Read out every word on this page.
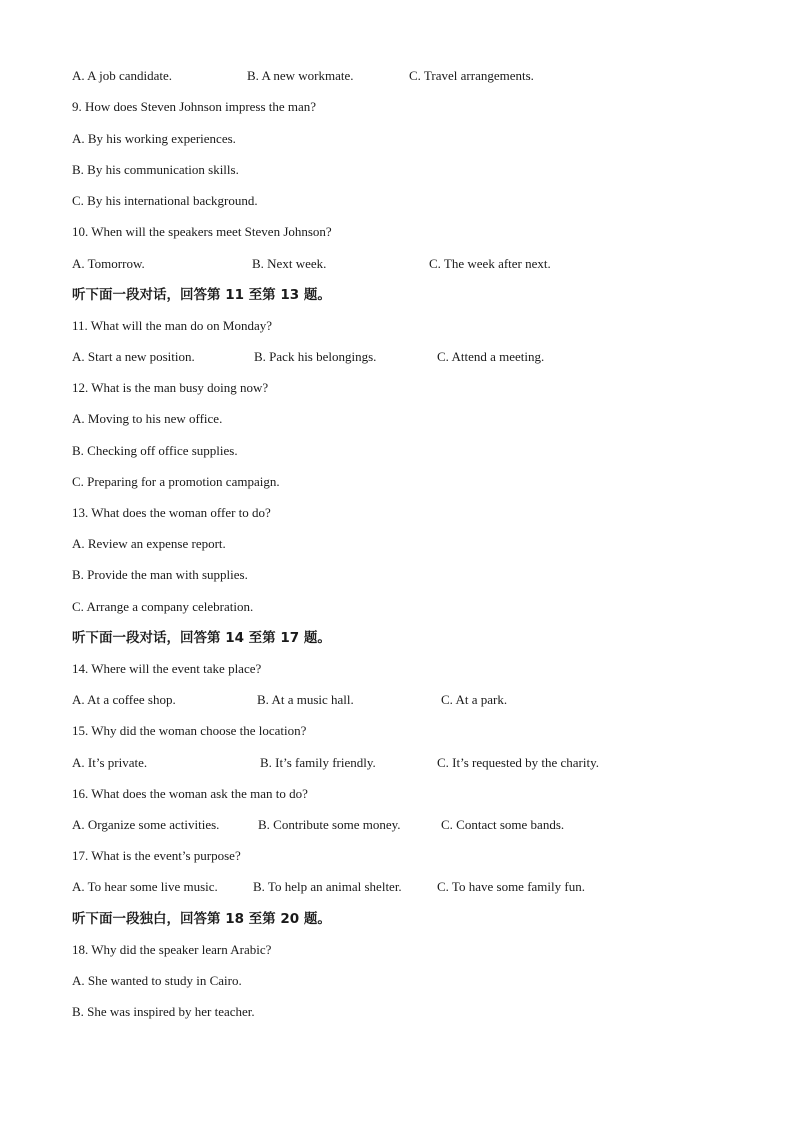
A. A job candidate.	B. A new workmate.	C. Travel arrangements.
9. How does Steven Johnson impress the man?
A. By his working experiences.
B. By his communication skills.
C. By his international background.
10. When will the speakers meet Steven Johnson?
A. Tomorrow.	B. Next week.	C. The week after next.
听下面一段对话，回答第 11 至第 13 题。
11. What will the man do on Monday?
A. Start a new position.	B. Pack his belongings.	C. Attend a meeting.
12. What is the man busy doing now?
A. Moving to his new office.
B. Checking off office supplies.
C. Preparing for a promotion campaign.
13. What does the woman offer to do?
A. Review an expense report.
B. Provide the man with supplies.
C. Arrange a company celebration.
听下面一段对话，回答第 14 至第 17 题。
14. Where will the event take place?
A. At a coffee shop.	B. At a music hall.	C. At a park.
15. Why did the woman choose the location?
A. It’s private.	B. It’s family friendly.	C. It’s requested by the charity.
16. What does the woman ask the man to do?
A. Organize some activities.	B. Contribute some money.	C. Contact some bands.
17. What is the event’s purpose?
A. To hear some live music.	B. To help an animal shelter.	C. To have some family fun.
听下面一段独白，回答第 18 至第 20 题。
18. Why did the speaker learn Arabic?
A. She wanted to study in Cairo.
B. She was inspired by her teacher.
